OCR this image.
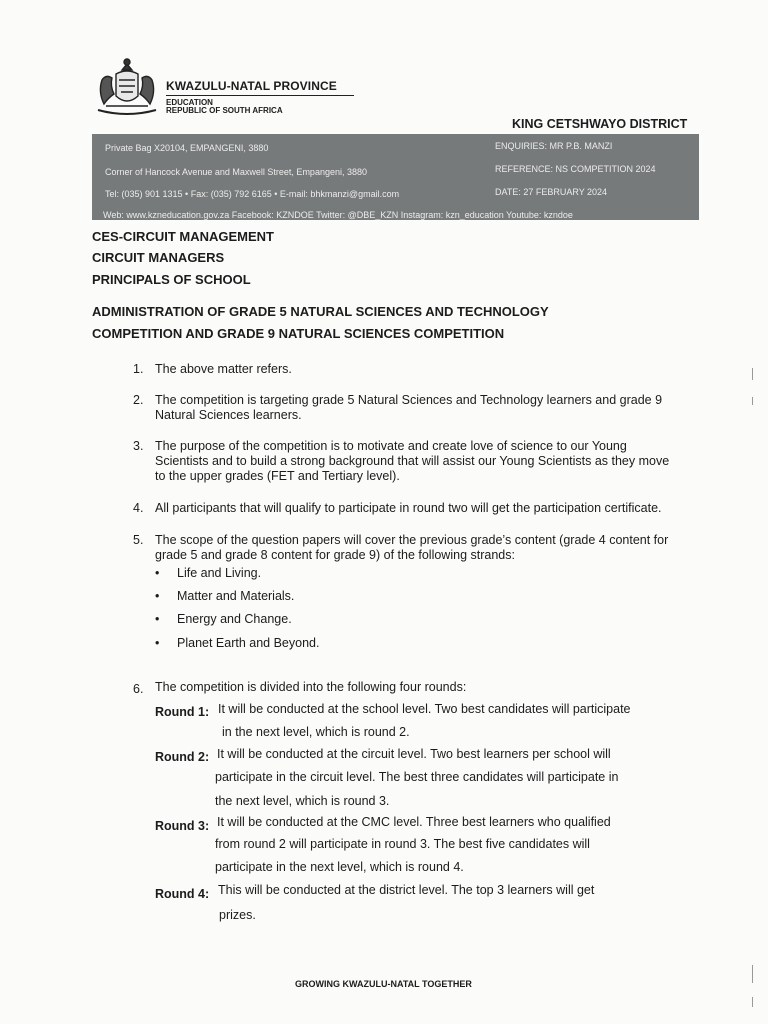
KWAZULU-NATAL PROVINCE
EDUCATION
REPUBLIC OF SOUTH AFRICA
KING CETSHWAYO DISTRICT
Private Bag X20104, EMPANGENI, 3880
Corner of Hancock Avenue and Maxwell Street, Empangeni, 3880
Tel: (035) 901 1315 • Fax: (035) 792 6165 • E-mail: bhkmanzi@gmail.com
ENQUIRIES: MR P.B. MANZI
REFERENCE: NS COMPETITION 2024
DATE: 27 FEBRUARY 2024
Web: www.kzneducation.gov.za Facebook: KZNDOE Twitter: @DBE_KZN Instagram: kzn_education Youtube: kzndoe
CES-CIRCUIT MANAGEMENT
CIRCUIT MANAGERS
PRINCIPALS OF SCHOOL
ADMINISTRATION OF GRADE 5 NATURAL SCIENCES AND TECHNOLOGY
COMPETITION AND GRADE 9 NATURAL SCIENCES COMPETITION
1. The above matter refers.
2. The competition is targeting grade 5 Natural Sciences and Technology learners and grade 9
Natural Sciences learners.
3. The purpose of the competition is to motivate and create love of science to our Young
Scientists and to build a strong background that will assist our Young Scientists as they move
to the upper grades (FET and Tertiary level).
4. All participants that will qualify to participate in round two will get the participation certificate.
5. The scope of the question papers will cover the previous grade’s content (grade 4 content for
grade 5 and grade 8 content for grade 9) of the following strands:
• Life and Living.
• Matter and Materials.
• Energy and Change.
• Planet Earth and Beyond.
6. The competition is divided into the following four rounds:
Round 1: It will be conducted at the school level. Two best candidates will participate
in the next level, which is round 2.
Round 2: It will be conducted at the circuit level. Two best learners per school will
participate in the circuit level. The best three candidates will participate in
the next level, which is round 3.
Round 3: It will be conducted at the CMC level. Three best learners who qualified
from round 2 will participate in round 3. The best five candidates will
participate in the next level, which is round 4.
Round 4: This will be conducted at the district level. The top 3 learners will get
prizes.
GROWING KWAZULU-NATAL TOGETHER
